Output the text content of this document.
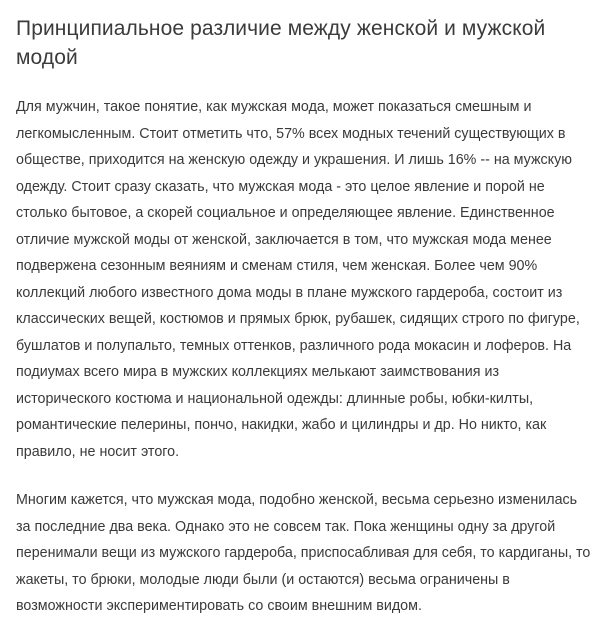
Принципиальное различие между женской и мужской модой

Для мужчин, такое понятие, как мужская мода, может показаться смешным и легкомысленным. Стоит отметить что, 57% всех модных течений существующих в обществе, приходится на женскую одежду и украшения. И лишь 16% -- на мужскую одежду. Стоит сразу сказать, что мужская мода - это целое явление и порой не столько бытовое, а скорей социальное и определяющее явление. Единственное отличие мужской моды от женской, заключается в том, что мужская мода менее подвержена сезонным веяниям и сменам стиля, чем женская. Более чем 90% коллекций любого известного дома моды в плане мужского гардероба, состоит из классических вещей, костюмов и прямых брюк, рубашек, сидящих строго по фигуре, бушлатов и полупальто, темных оттенков, различного рода мокасин и лоферов. На подиумах всего мира в мужских коллекциях мелькают заимствования из исторического костюма и национальной одежды: длинные робы, юбки-килты, романтические пелерины, пончо, накидки, жабо и цилиндры и др. Но никто, как правило, не носит этого.

Многим кажется, что мужская мода, подобно женской, весьма серьезно изменилась за последние два века. Однако это не совсем так. Пока женщины одну за другой перенимали вещи из мужского гардероба, приспосабливая для себя, то кардиганы, то жакеты, то брюки, молодые люди были (и остаются) весьма ограничены в возможности экспериментировать со своим внешним видом.
